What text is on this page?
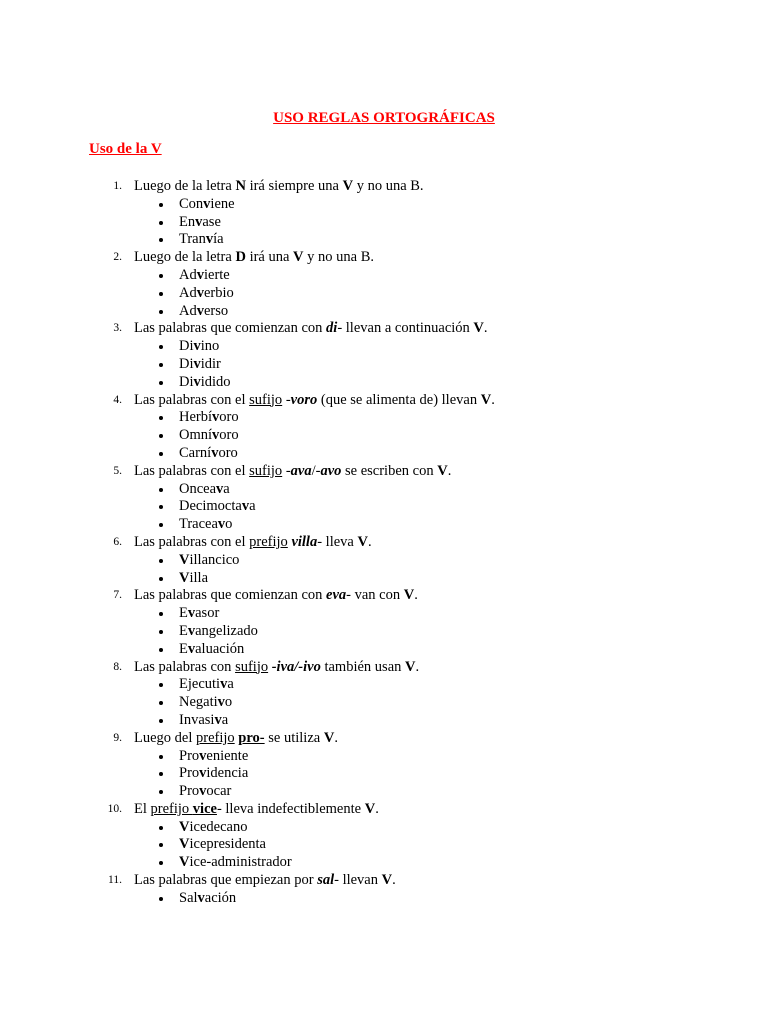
USO REGLAS ORTOGRÁFICAS
Uso de la V
1. Luego de la letra N irá siempre una V y no una B.
Conviene
Envase
Tranvía
2. Luego de la letra D irá una V y no una B.
Advierte
Adverbio
Adverso
3. Las palabras que comienzan con di- llevan a continuación V.
Divino
Dividir
Dividido
4. Las palabras con el sufijo -voro (que se alimenta de) llevan V.
Herbívoro
Omnívoro
Carnívoro
5. Las palabras con el sufijo -ava/-avo se escriben con V.
Onceava
Decimoctava
Traceavo
6. Las palabras con el prefijo villa- lleva V.
Villancico
Villa
7. Las palabras que comienzan con eva- van con V.
Evasor
Evangelizado
Evaluación
8. Las palabras con sufijo -iva/-ivo también usan V.
Ejecutiva
Negativo
Invasiva
9. Luego del prefijo pro- se utiliza V.
Proveniente
Providencia
Provocar
10. El prefijo vice- lleva indefectiblemente V.
Vicedecano
Vicepresidenta
Vice-administrador
11. Las palabras que empiezan por sal- llevan V.
Salvación
